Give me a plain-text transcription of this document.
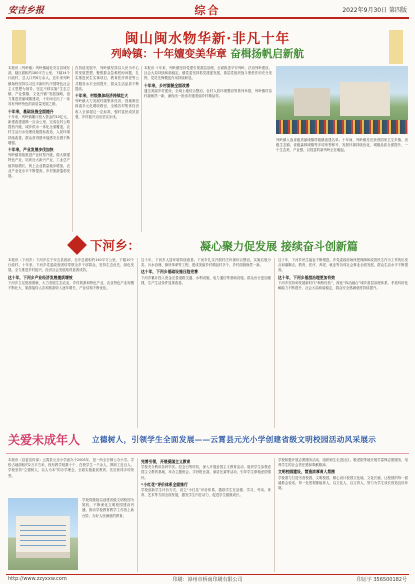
安吉乡报	综合	2022年9月30日 第四版
闽山闽水物华新·非凡十年
列岭镇：十年嬗变美华章 奋楫扬帆启新航
本报讯（列岭镇）列岭镇地处安吉县城东部，辖区面积约180平方公里，下辖14个行政村，总人口约6万余人。近年来列岭镇始终坚持以习近平新时代中国特色社会主义思想为指导，坚定不移实施“生态立镇、产业强镇、文化兴镇”发展战略，奋力推进美丽城镇建设，十年间走出了一条具有列岭特色的高质量发展之路。
十年来，基础设施全面提升
十年来，列岭镇累计投入资金约10亿元，新建改建道路一百余公里，完成农村公路提档升级，城乡供水一体化全面覆盖，农村生活污水处理设施提标改造，人居环境持续改善，群众获得感幸福感安全感不断增强。
十年来，产业发展步伐加快
列岭镇持续推进产业转型升级，做大做强特色产业，培育壮大新兴产业，工业总产值持续增长，规上企业数量稳步增加，农业产业化水平不断提高，乡村旅游蓬勃发展。
在持续发展中，列岭镇坚持以人民为中心的发展思想，聚焦群众急难愁盼问题，扎实推进民生实事项目，教育医疗养老等公共服务水平全面提升，群众生活品质不断提高。
十年来，村级集体经济持续壮大
列岭镇大力发展村级集体经济，因地制宜探索多元化增收路径，全镇各村集体经济收入全部超过一定标准，强村富民成效显著，乡村振兴迈出坚实步伐。
本报讯 十年来，列岭镇坚持党建引领基层治理，全面推进平安列岭、法治列岭建设，社会大局持续和谐稳定。镇党委坚持抓党建促发展，基层党组织战斗堡垒作用充分发挥，党员先锋模范作用持续彰显。
十年来，乡村面貌全面改善
通过美丽乡村建设、全域土地综合整治、农村人居环境整治等系列举措，列岭镇村容村貌焕然一新，涌现出一批省市级美丽乡村精品村。
列岭镇入选省级美丽城镇样板镇创建名单。十年间，列岭镇先后获得国家卫生乡镇、省级生态镇、省级森林城镇等多项荣誉称号，发展环境持续优化，城镇品质全面提升，一个生态美、产业强、百姓富的新列岭正在崛起。
下河乡：	凝心聚力促发展 接续奋斗创新篇
本报讯（下河乡）下河乡位于安吉县西部，全乡总面积约150平方公里，下辖10个行政村。十年来，下河乡党委政府团结带领全乡干部群众，坚持生态优先、绿色发展，全力推进乡村振兴，经济社会发展取得显著成效。
这十年，下河乡产业经济发展提质增效
下河乡立足资源禀赋，大力发展生态农业、乡村旅游和特色产业，农业特色产业规模不断壮大，旅游接待人次和旅游收入逐年增长，产业结构不断优化。
这十年，下河乡人居环境持续改善。下河乡扎实开展村庄环境综合整治，实施垃圾分类、污水治理、厕所革命等工程，建成美丽乡村精品村多个，乡村面貌焕然一新。
这十年，下河乡基础设施日趋完善
下河乡累计投入资金完善道路交通、水利设施、电力通信等基础设施，群众出行更加便捷，生产生活条件显著改善。
这十年，下河乡民生福祉不断增进。乡党委政府始终把保障和改善民生作为工作的出发点和落脚点，教育、医疗、养老、就业等各项社会事业全面发展，群众生活水平不断提高。
这十年，下河乡基层治理更加有效
下河乡坚持和发展新时代“枫桥经验”，深化“四治融合”城乡基层治理体系，矛盾纠纷化解能力不断提升，社会大局和谐稳定，群众安全感满意度持续提升。
关爱未成年人 立德树人，引领学生全面发展——云霄县元光小学创建省级文明校园活动风采展示
本报讯（县委宣传部）云霄县元光小学创办于2005年，是一所全日制公办小学。学校占地面积约2万平方米，现有教学班数十个，在校学生一千余人，教职工近百人。学校坚持“立德树人、以人为本”的办学理念，全面实施素质教育，先后获得多项荣誉。
学校将继续以创建省级文明校园为契机，不断深化文明校园建设内涵，推动学校教育教学工作再上新台阶，办好人民满意的教育。
完善引领，开展爱国主义教育
学校充分利用各种节庆、纪念日等时机，深入开展爱国主义教育活动，组织学生参观爱国主义教育基地，举办主题班会、手抄报比赛、演讲比赛等活动，引导学生厚植爱国情怀。
“小红花”评价体系全面推行
学校创新学生评价方式，设立“小红花”评价体系，激励学生在品德、学习、劳动、体育、艺术等方面全面发展，激发学生内在动力，促进学生健康成长。
学校积极开展志愿服务活动，组织师生走进社区、敬老院等地开展学雷锋志愿服务，培养学生的社会责任感和奉献精神。
文明校园建设，营造浓厚育人氛围
学校着力打造书香校园、文明校园，精心设计校园文化墙、文化长廊，让校园的每一面墙都会说话，每一处景观都能育人，以文化人、以文育人，努力为学生成长营造良好环境。
http://www.zzyxxw.com	印刷：漳州市桥南印刷有限公司	印证字 356500182号
